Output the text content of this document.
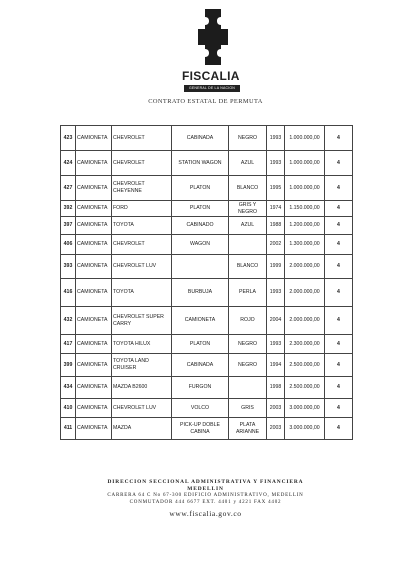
FISCALIA
GENERAL DE LA NACION
CONTRATO ESTATAL DE PERMUTA
423	CAMIONETA	CHEVROLET	CABINADA	NEGRO	1993	1.000.000,00	4
424	CAMIONETA	CHEVROLET	STATION WAGON	AZUL	1993	1.000.000,00	4
427	CAMIONETA	CHEVROLET CHEYENNE	PLATON	BLANCO	1995	1.000.000,00	4
392	CAMIONETA	FORD	PLATON	GRIS Y NEGRO	1974	1.150.000,00	4
397	CAMIONETA	TOYOTA	CABINADO	AZUL	1988	1.200.000,00	4
406	CAMIONETA	CHEVROLET	WAGON		2002	1.300.000,00	4
393	CAMIONETA	CHEVROLET LUV		BLANCO	1999	2.000.000,00	4
416	CAMIONETA	TOYOTA	BURBUJA	PERLA	1993	2.000.000,00	4
432	CAMIONETA	CHEVROLET SUPER CARRY	CAMIONETA	ROJO	2004	2.000.000,00	4
417	CAMIONETA	TOYOTA HILUX	PLATON	NEGRO	1993	2.300.000,00	4
399	CAMIONETA	TOYOTA LAND CRUISER	CABINADA	NEGRO	1994	2.500.000,00	4
434	CAMIONETA	MAZDA B2600	FURGON		1998	2.500.000,00	4
410	CAMIONETA	CHEVROLET LUV	VOLCO	GRIS	2003	3.000.000,00	4
411	CAMIONETA	MAZDA	PICK-UP DOBLE CABINA	PLATA ARIANNE	2003	3.000.000,00	4
DIRECCION SECCIONAL ADMINISTRATIVA Y FINANCIERA
MEDELLIN
CARRERA 64 C No 67-300 EDIFICIO ADMINISTRATIVO, MEDELLIN
CONMUTADOR 444 6677 EXT. 4401 y 4221 FAX 4402
www.fiscalia.gov.co
